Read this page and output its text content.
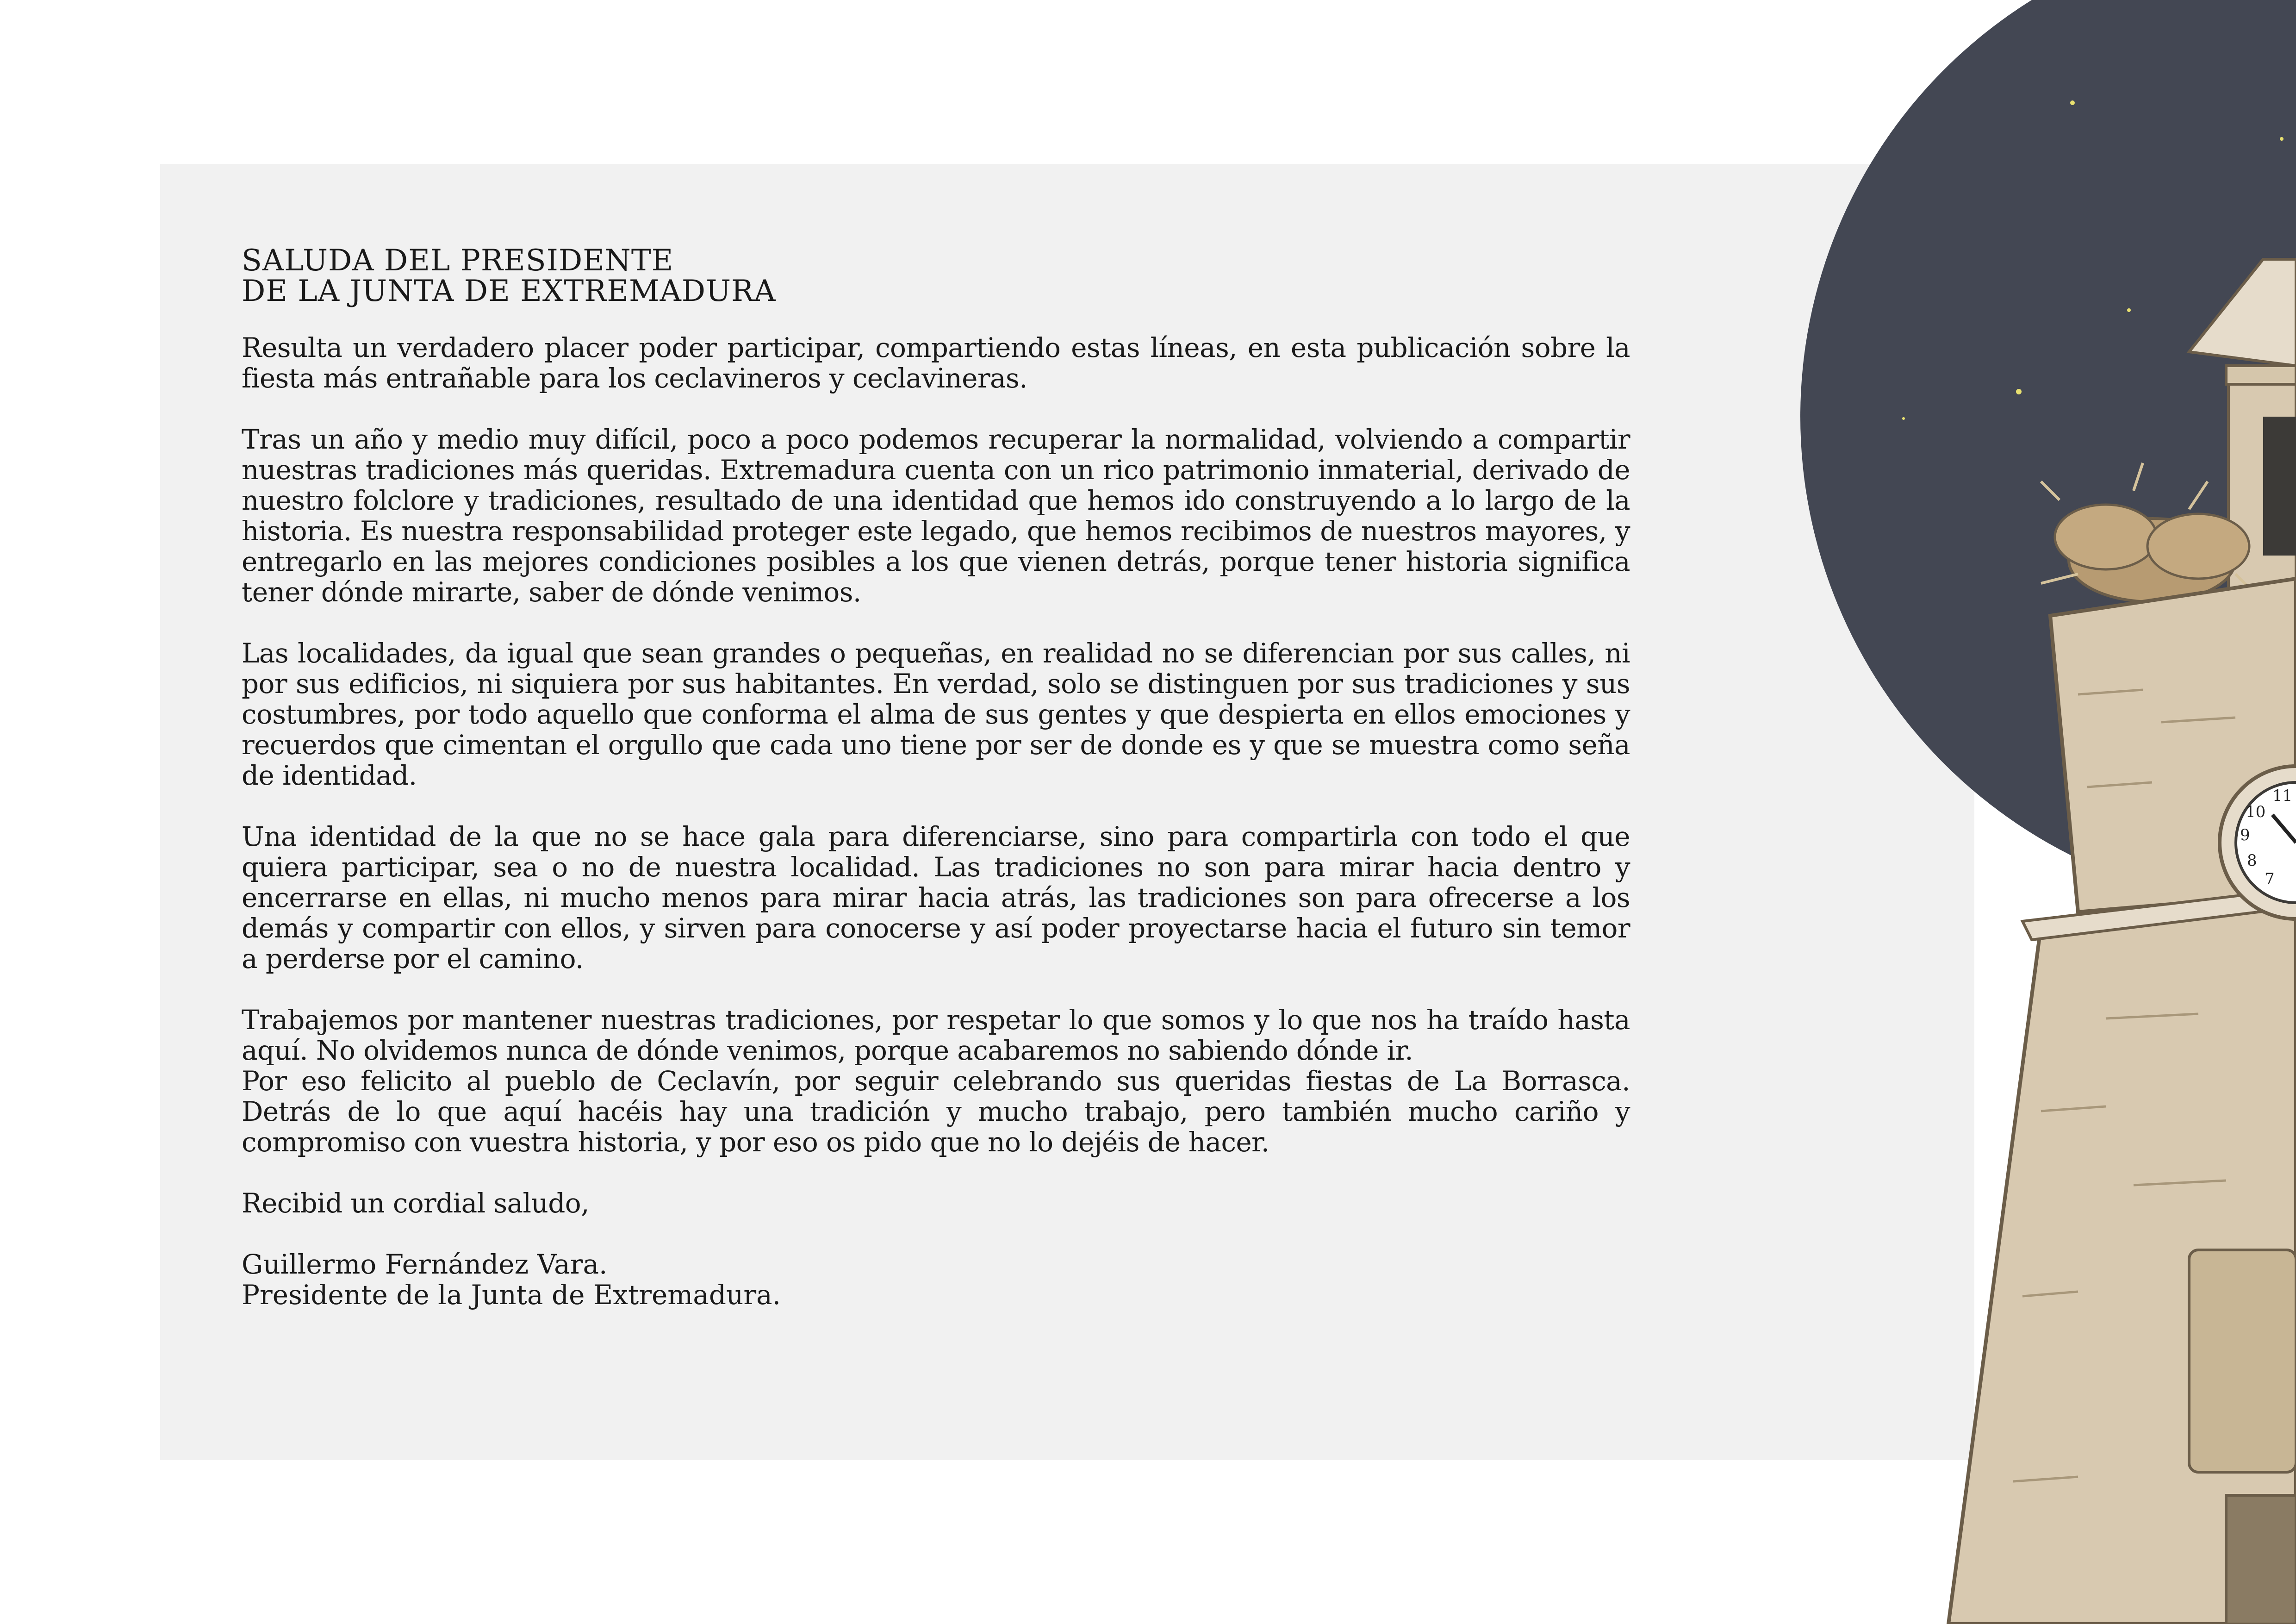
SALUDA DEL PRESIDENTE
DE LA JUNTA DE EXTREMADURA

Resulta un verdadero placer poder participar, compartiendo estas líneas, en esta publicación sobre la fiesta más entrañable para los ceclavineros y ceclavineras.

Tras un año y medio muy difícil, poco a poco podemos recuperar la normalidad, volviendo a compartir nuestras tradiciones más queridas. Extremadura cuenta con un rico patrimonio inmaterial, derivado de nuestro folclore y tradiciones, resultado de una identidad que hemos ido construyendo a lo largo de la historia. Es nuestra responsabilidad proteger este legado, que hemos recibimos de nuestros mayores, y entregarlo en las mejores condiciones posibles a los que vienen detrás, porque tener historia significa tener dónde mirarte, saber de dónde venimos.

Las localidades, da igual que sean grandes o pequeñas, en realidad no se diferencian por sus calles, ni por sus edificios, ni siquiera por sus habitantes. En verdad, solo se distinguen por sus tradiciones y sus costumbres, por todo aquello que conforma el alma de sus gentes y que despierta en ellos emociones y recuerdos que cimentan el orgullo que cada uno tiene por ser de donde es y que se muestra como seña de identidad.

Una identidad de la que no se hace gala para diferenciarse, sino para compartirla con todo el que quiera participar, sea o no de nuestra localidad. Las tradiciones no son para mirar hacia dentro y encerrarse en ellas, ni mucho menos para mirar hacia atrás, las tradiciones son para ofrecerse a los demás y compartir con ellos, y sirven para conocerse y así poder proyectarse hacia el futuro sin temor a perderse por el camino.

Trabajemos por mantener nuestras tradiciones, por respetar lo que somos y lo que nos ha traído hasta aquí. No olvidemos nunca de dónde venimos, porque acabaremos no sabiendo dónde ir.

Por eso felicito al pueblo de Ceclavín, por seguir celebrando sus queridas fiestas de La Borrasca. Detrás de lo que aquí hacéis hay una tradición y mucho trabajo, pero también mucho cariño y compromiso con vuestra historia, y por eso os pido que no lo dejéis de hacer.

Recibid un cordial saludo,

Guillermo Fernández Vara.
Presidente de la Junta de Extremadura.
11
10
9
8
7
